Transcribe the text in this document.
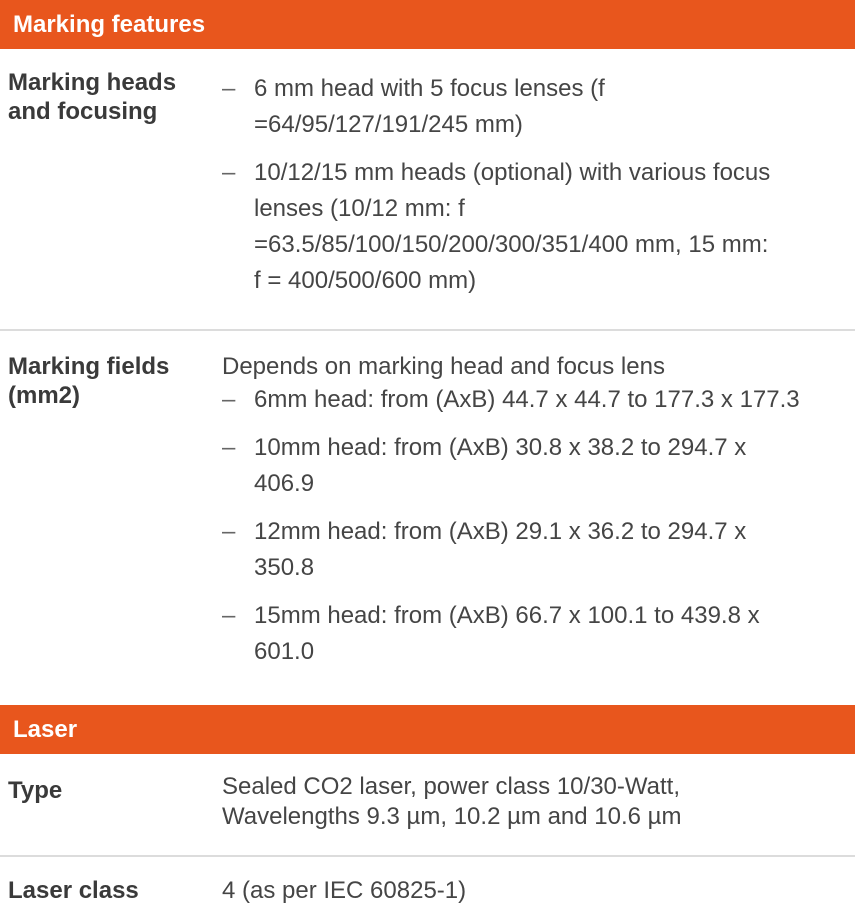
Marking features
Marking heads
and focusing
– 6 mm head with 5 focus lenses (f
=64/95/127/191/245 mm)
– 10/12/15 mm heads (optional) with various focus
lenses (10/12 mm: f
=63.5/85/100/150/200/300/351/400 mm, 15 mm:
f = 400/500/600 mm)
Marking fields
(mm2)

Depends on marking head and focus lens

– 6mm head: from (AxB) 44.7 x 44.7 to 177.3 x 177.3
– 10mm head: from (AxB) 30.8 x 38.2 to 294.7 x
406.9
– 12mm head: from (AxB) 29.1 x 36.2 to 294.7 x
350.8
– 15mm head: from (AxB) 66.7 x 100.1 to 439.8 x
601.0
Laser
Type	Sealed CO2 laser, power class 10/30-Watt,
Wavelengths 9.3 µm, 10.2 µm and 10.6 µm
Laser class	4 (as per IEC 60825-1)
